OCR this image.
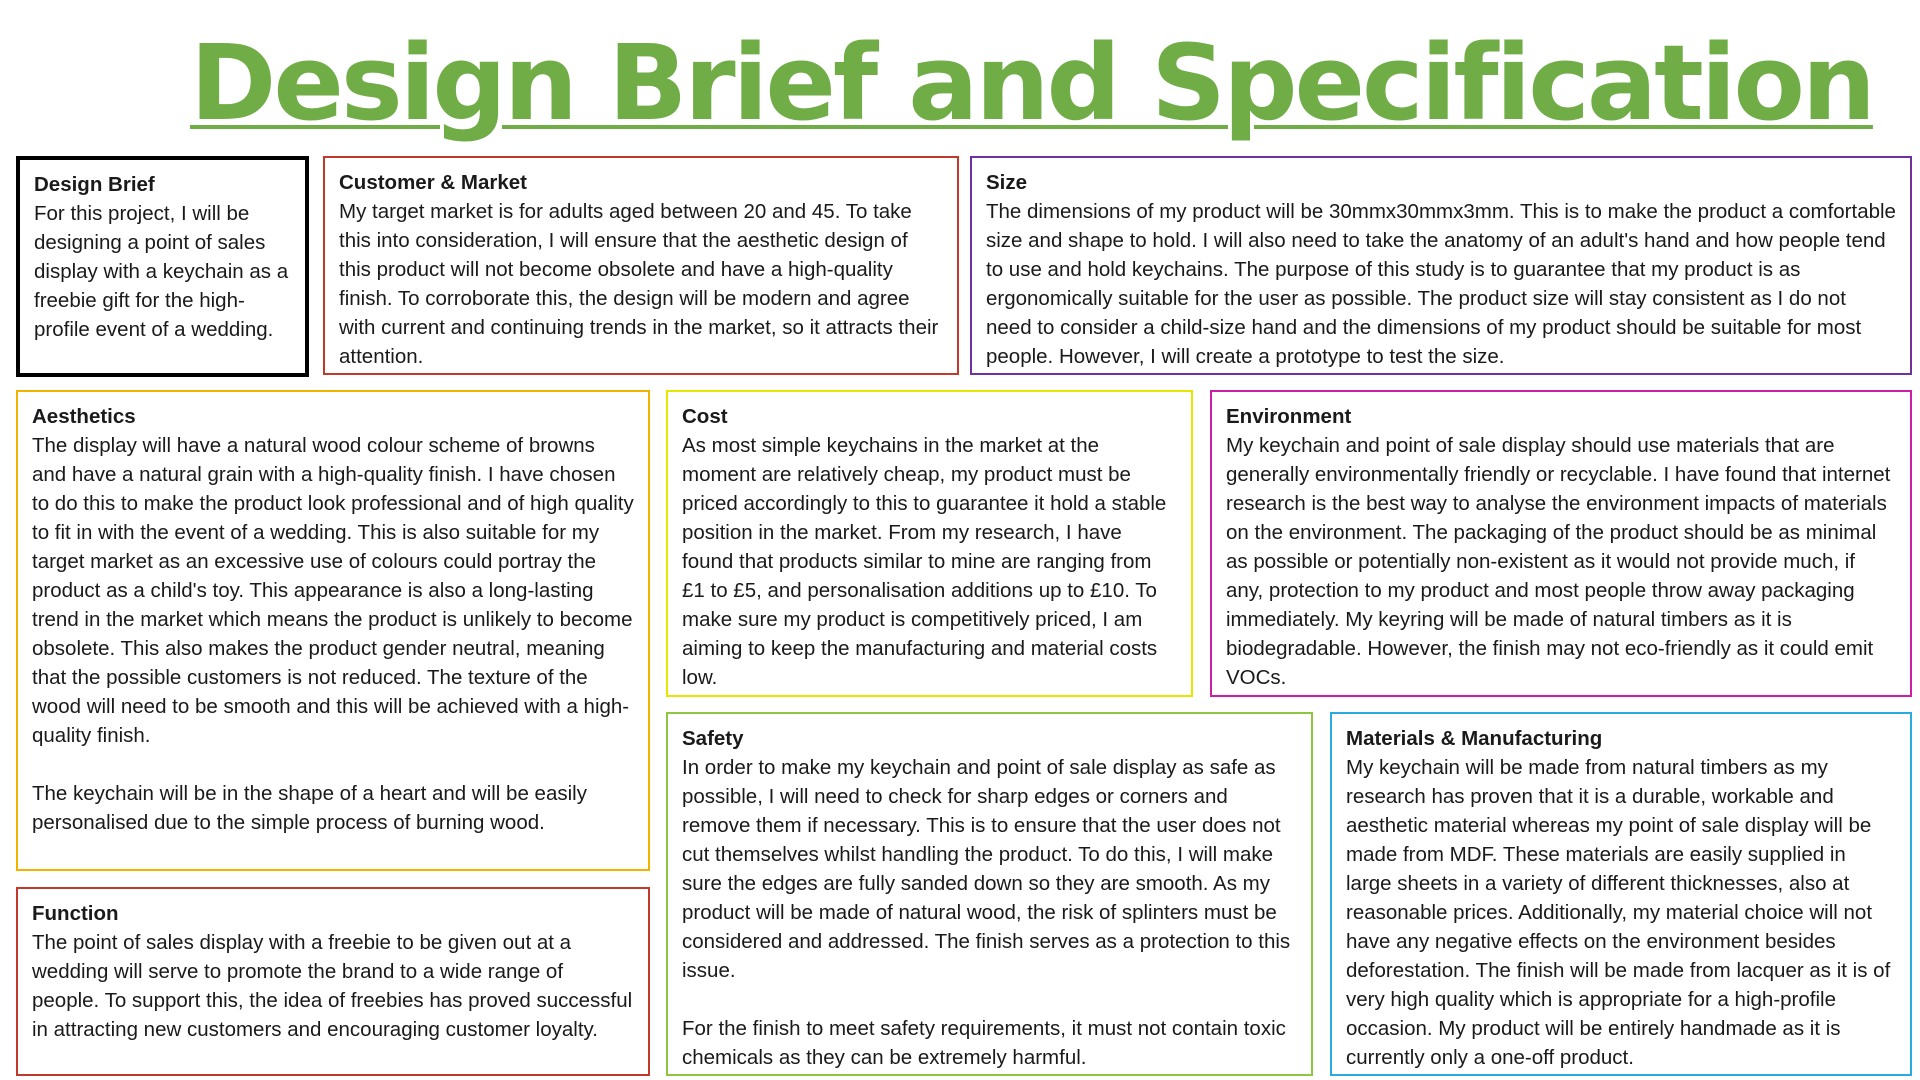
Design Brief and Specification
Design Brief
For this project, I will be designing a point of sales display with a keychain as a freebie gift for the high-profile event of a wedding.
Customer & Market
My target market is for adults aged between 20 and 45. To take this into consideration, I will ensure that the aesthetic design of this product will not become obsolete and have a high-quality finish. To corroborate this, the design will be modern and agree with current and continuing trends in the market, so it attracts their attention.
Size
The dimensions of my product will be 30mmx30mmx3mm. This is to make the product a comfortable size and shape to hold. I will also need to take the anatomy of an adult's hand and how people tend to use and hold keychains. The purpose of this study is to guarantee that my product is as ergonomically suitable for the user as possible. The product size will stay consistent as I do not need to consider a child-size hand and the dimensions of my product should be suitable for most people. However, I will create a prototype to test the size.
Aesthetics
The display will have a natural wood colour scheme of browns and have a natural grain with a high-quality finish. I have chosen to do this to make the product look professional and of high quality to fit in with the event of a wedding. This is also suitable for my target market as an excessive use of colours could portray the product as a child's toy. This appearance is also a long-lasting trend in the market which means the product is unlikely to become obsolete. This also makes the product gender neutral, meaning that the possible customers is not reduced. The texture of the wood will need to be smooth and this will be achieved with a high-quality finish.

The keychain will be in the shape of a heart and will be easily personalised due to the simple process of burning wood.
Cost
As most simple keychains in the market at the moment are relatively cheap, my product must be priced accordingly to this to guarantee it hold a stable position in the market. From my research, I have found that products similar to mine are ranging from £1 to £5, and personalisation additions up to £10. To make sure my product is competitively priced, I am aiming to keep the manufacturing and material costs low.
Environment
My keychain and point of sale display should use materials that are generally environmentally friendly or recyclable. I have found that internet research is the best way to analyse the environment impacts of materials on the environment. The packaging of the product should be as minimal as possible or potentially non-existent as it would not provide much, if any, protection to my product and most people throw away packaging immediately. My keyring will be made of natural timbers as it is biodegradable. However, the finish may not eco-friendly as it could emit VOCs.
Function
The point of sales display with a freebie to be given out at a wedding will serve to promote the brand to a wide range of people. To support this, the idea of freebies has proved successful in attracting new customers and encouraging customer loyalty.
Safety
In order to make my keychain and point of sale display as safe as possible, I will need to check for sharp edges or corners and remove them if necessary. This is to ensure that the user does not cut themselves whilst handling the product. To do this, I will make sure the edges are fully sanded down so they are smooth. As my product will be made of natural wood, the risk of splinters must be considered and addressed. The finish serves as a protection to this issue.

For the finish to meet safety requirements, it must not contain toxic chemicals as they can be extremely harmful.
Materials & Manufacturing
My keychain will be made from natural timbers as my research has proven that it is a durable, workable and aesthetic material whereas my point of sale display will be made from MDF. These materials are easily supplied in large sheets in a variety of different thicknesses, also at reasonable prices. Additionally, my material choice will not have any negative effects on the environment besides deforestation. The finish will be made from lacquer as it is of very high quality which is appropriate for a high-profile occasion. My product will be entirely handmade as it is currently only a one-off product.
